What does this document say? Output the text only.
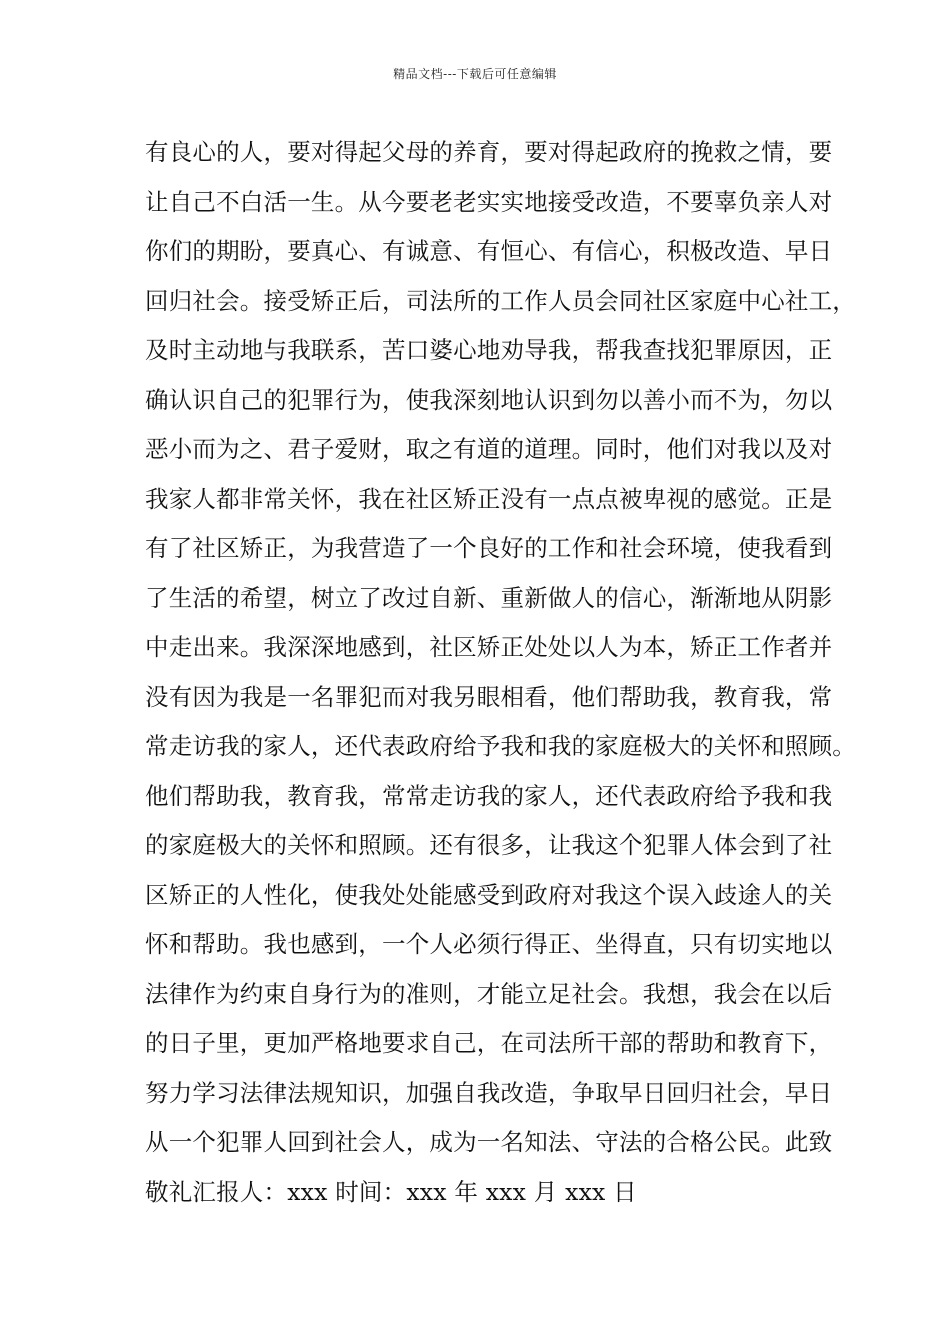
精品文档---下载后可任意编辑
有良心的人，要对得起父母的养育，要对得起政府的挽救之情，要
让自己不白活一生。从今要老老实实地接受改造，不要辜负亲人对
你们的期盼，要真心、有诚意、有恒心、有信心，积极改造、早日
回归社会。接受矫正后，司法所的工作人员会同社区家庭中心社工，
及时主动地与我联系，苦口婆心地劝导我，帮我查找犯罪原因，正
确认识自己的犯罪行为，使我深刻地认识到勿以善小而不为，勿以
恶小而为之、君子爱财，取之有道的道理。同时，他们对我以及对
我家人都非常关怀，我在社区矫正没有一点点被卑视的感觉。正是
有了社区矫正，为我营造了一个良好的工作和社会环境，使我看到
了生活的希望，树立了改过自新、重新做人的信心，渐渐地从阴影
中走出来。我深深地感到，社区矫正处处以人为本，矫正工作者并
没有因为我是一名罪犯而对我另眼相看，他们帮助我，教育我，常
常走访我的家人，还代表政府给予我和我的家庭极大的关怀和照顾。
他们帮助我，教育我，常常走访我的家人，还代表政府给予我和我
的家庭极大的关怀和照顾。还有很多，让我这个犯罪人体会到了社
区矫正的人性化，使我处处能感受到政府对我这个误入歧途人的关
怀和帮助。我也感到，一个人必须行得正、坐得直，只有切实地以
法律作为约束自身行为的准则，才能立足社会。我想，我会在以后
的日子里，更加严格地要求自己，在司法所干部的帮助和教育下，
努力学习法律法规知识，加强自我改造，争取早日回归社会，早日
从一个犯罪人回到社会人，成为一名知法、守法的合格公民。此致
敬礼汇报人：xxx 时间：xxx 年 xxx 月 xxx 日
